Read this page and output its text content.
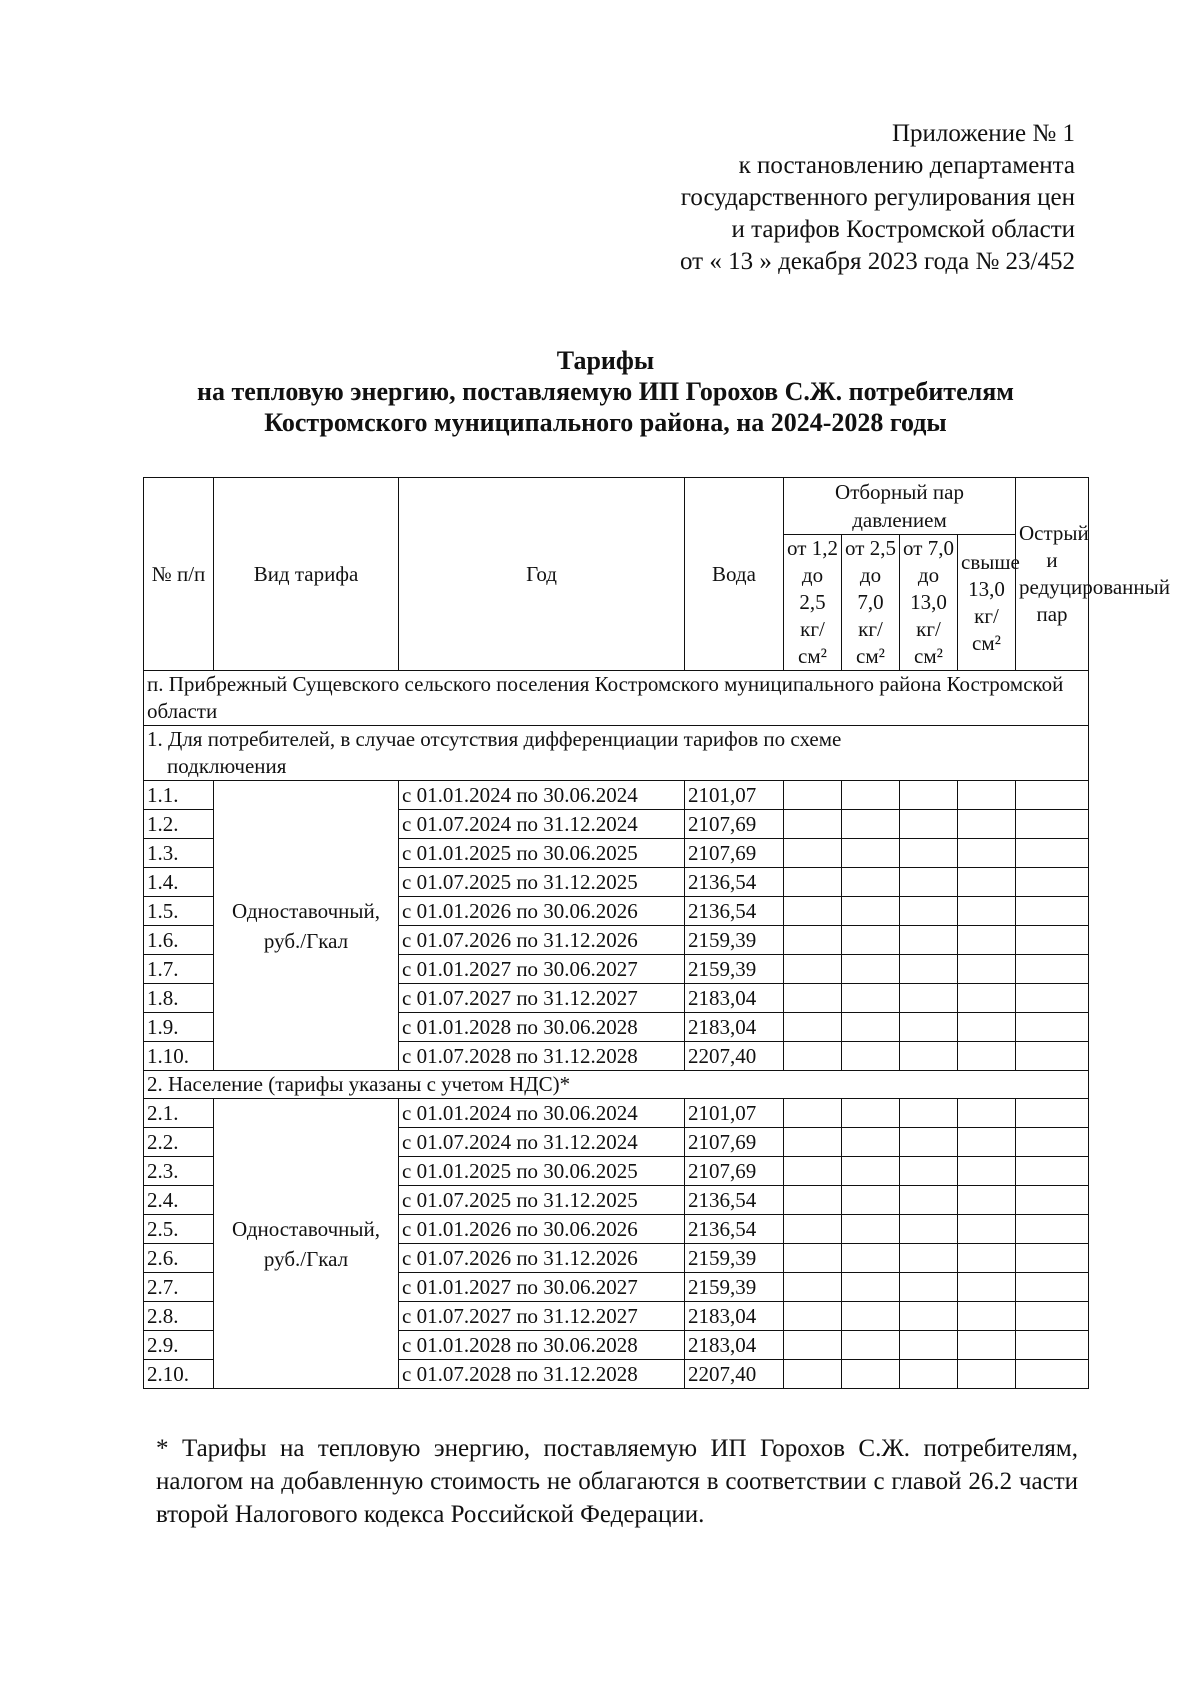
Приложение № 1
к постановлению департамента
государственного регулирования цен
и тарифов Костромской области
от « 13 » декабря 2023 года № 23/452
Тарифы
на тепловую энергию, поставляемую ИП Горохов С.Ж. потребителям
Костромского муниципального района, на 2024-2028 годы
№ п/п	Вид тарифа	Год	Вода	Отборный пар давлением				Острый и редуцированный пар
				от 1,2 до 2,5 кг/см²	от 2,5 до 7,0 кг/см²	от 7,0 до 13,0 кг/см²	свыше 13,0 кг/см²	
п. Прибрежный Сущевского сельского поселения Костромского муниципального района Костромской области								

1. Для потребителей, в случае отсутствия дифференциации тарифов по схеме
подключения								

1.1.	Одноставочный, руб./Гкал	с 01.01.2024 по 30.06.2024	2101,07					
1.2.		с 01.07.2024 по 31.12.2024	2107,69					
1.3.		с 01.01.2025 по 30.06.2025	2107,69					
1.4.		с 01.07.2025 по 31.12.2025	2136,54					
1.5.		с 01.01.2026 по 30.06.2026	2136,54					
1.6.		с 01.07.2026 по 31.12.2026	2159,39					
1.7.		с 01.01.2027 по 30.06.2027	2159,39					
1.8.		с 01.07.2027 по 31.12.2027	2183,04					
1.9.		с 01.01.2028 по 30.06.2028	2183,04					
1.10.		с 01.07.2028 по 31.12.2028	2207,40					
2. Население (тарифы указаны с учетом НДС)*								
2.1.	Одноставочный, руб./Гкал	с 01.01.2024 по 30.06.2024	2101,07					
2.2.		с 01.07.2024 по 31.12.2024	2107,69					
2.3.		с 01.01.2025 по 30.06.2025	2107,69					
2.4.		с 01.07.2025 по 31.12.2025	2136,54					
2.5.		с 01.01.2026 по 30.06.2026	2136,54					
2.6.		с 01.07.2026 по 31.12.2026	2159,39					
2.7.		с 01.01.2027 по 30.06.2027	2159,39					
2.8.		с 01.07.2027 по 31.12.2027	2183,04					
2.9.		с 01.01.2028 по 30.06.2028	2183,04					
2.10.		с 01.07.2028 по 31.12.2028	2207,40					
* Тарифы на тепловую энергию, поставляемую ИП Горохов С.Ж. потребителям, налогом на добавленную стоимость не облагаются в соответствии с главой 26.2 части второй Налогового кодекса Российской Федерации.
